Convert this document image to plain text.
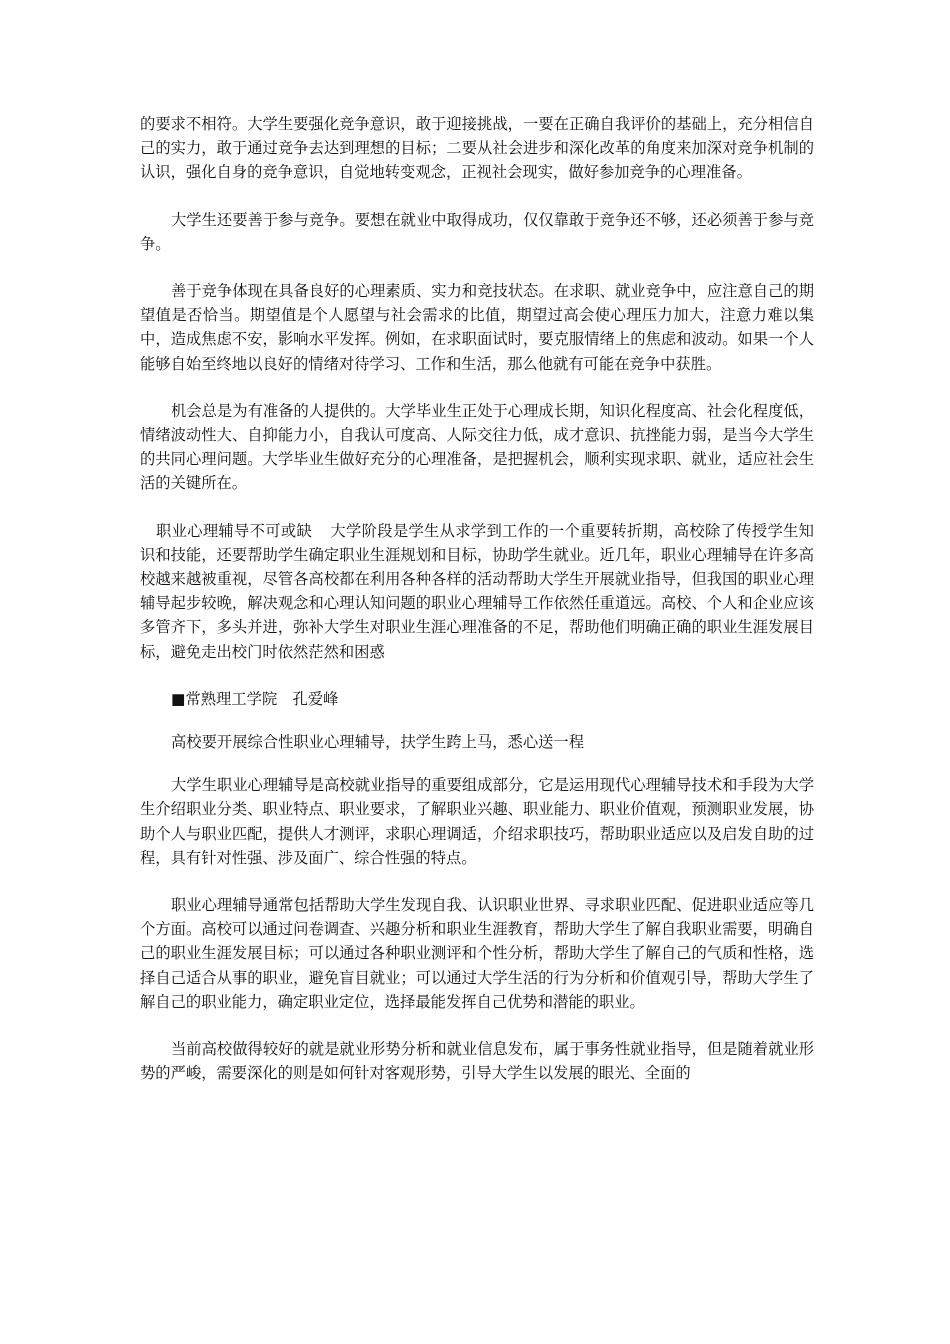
的要求不相符。大学生要强化竞争意识，敢于迎接挑战，一要在正确自我评价的基础上，充分相信自己的实力，敢于通过竞争去达到理想的目标；二要从社会进步和深化改革的角度来加深对竞争机制的认识，强化自身的竞争意识，自觉地转变观念，正视社会现实，做好参加竞争的心理准备。

大学生还要善于参与竞争。要想在就业中取得成功，仅仅靠敢于竞争还不够，还必须善于参与竞争。

善于竞争体现在具备良好的心理素质、实力和竞技状态。在求职、就业竞争中，应注意自己的期望值是否恰当。期望值是个人愿望与社会需求的比值，期望过高会使心理压力加大，注意力难以集中，造成焦虑不安，影响水平发挥。例如，在求职面试时，要克服情绪上的焦虑和波动。如果一个人能够自始至终地以良好的情绪对待学习、工作和生活，那么他就有可能在竞争中获胜。

机会总是为有准备的人提供的。大学毕业生正处于心理成长期，知识化程度高、社会化程度低，情绪波动性大、自抑能力小，自我认可度高、人际交往力低，成才意识、抗挫能力弱，是当今大学生的共同心理问题。大学毕业生做好充分的心理准备，是把握机会，顺利实现求职、就业，适应社会生活的关键所在。

职业心理辅导不可或缺 大学阶段是学生从求学到工作的一个重要转折期，高校除了传授学生知识和技能，还要帮助学生确定职业生涯规划和目标，协助学生就业。近几年，职业心理辅导在许多高校越来越被重视，尽管各高校都在利用各种各样的活动帮助大学生开展就业指导，但我国的职业心理辅导起步较晚，解决观念和心理认知问题的职业心理辅导工作依然任重道远。高校、个人和企业应该多管齐下，多头并进，弥补大学生对职业生涯心理准备的不足，帮助他们明确正确的职业生涯发展目标，避免走出校门时依然茫然和困惑

■常熟理工学院　孔爱峰

高校要开展综合性职业心理辅导，扶学生跨上马，悉心送一程

大学生职业心理辅导是高校就业指导的重要组成部分，它是运用现代心理辅导技术和手段为大学生介绍职业分类、职业特点、职业要求，了解职业兴趣、职业能力、职业价值观，预测职业发展，协助个人与职业匹配，提供人才测评，求职心理调适，介绍求职技巧，帮助职业适应以及启发自助的过程，具有针对性强、涉及面广、综合性强的特点。

职业心理辅导通常包括帮助大学生发现自我、认识职业世界、寻求职业匹配、促进职业适应等几个方面。高校可以通过问卷调查、兴趣分析和职业生涯教育，帮助大学生了解自我职业需要，明确自己的职业生涯发展目标；可以通过各种职业测评和个性分析，帮助大学生了解自己的气质和性格，选择自己适合从事的职业，避免盲目就业；可以通过大学生活的行为分析和价值观引导，帮助大学生了解自己的职业能力，确定职业定位，选择最能发挥自己优势和潜能的职业。

当前高校做得较好的就是就业形势分析和就业信息发布，属于事务性就业指导，但是随着就业形势的严峻，需要深化的则是如何针对客观形势，引导大学生以发展的眼光、全面的
